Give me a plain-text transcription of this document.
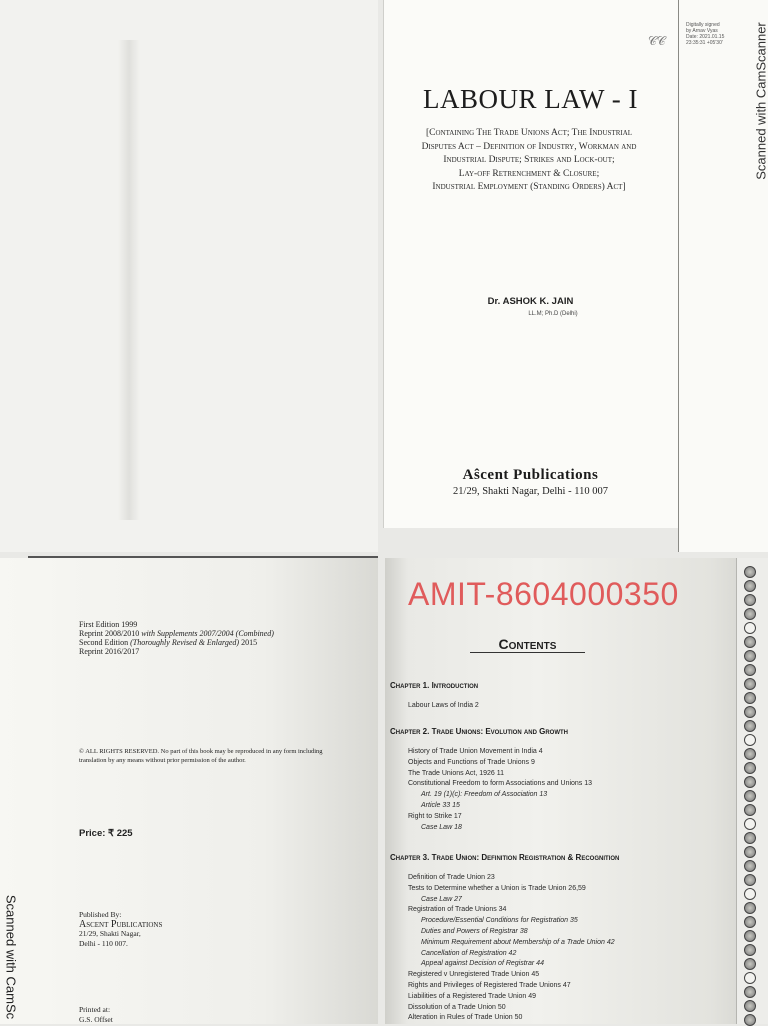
𝒞𝒞
Digitally signed
by Arnav Vyas
Date: 2021.01.15
23:35:31 +05'30'	Scanned with CamScanner
LABOUR LAW - I
[Containing The Trade Unions Act; The Industrial
Disputes Act – Definition of Industry, Workman and
Industrial Dispute; Strikes and Lock-out;
Lay-off Retrenchment & Closure;
Industrial Employment (Standing Orders) Act]
Dr. ASHOK K. JAIN
LL.M; Ph.D (Delhi)
Aŝcent Publications
21/29, Shakti Nagar, Delhi - 110 007
Scanned with CamSc
First Edition 1999
Reprint 2008/2010 with Supplements 2007/2004 (Combined)
Second Edition (Thoroughly Revised & Enlarged) 2015
Reprint 2016/2017
© ALL RIGHTS RESERVED. No part of this book may be reproduced in any form including translation by any means without prior permission of the author.
Price: ₹ 225
Published By:
Ascent Publications
21/29, Shakti Nagar,
Delhi - 110 007.
Printed at:
G.S. Offset
AMIT-8604000350
Contents
Chapter 1. Introduction
Labour Laws of India 2
Chapter 2. Trade Unions: Evolution and Growth
History of Trade Union Movement in India 4
Objects and Functions of Trade Unions 9
The Trade Unions Act, 1926 11
Constitutional Freedom to form Associations and Unions 13
Art. 19 (1)(c): Freedom of Association 13
Article 33 15
Right to Strike 17
Case Law 18
Chapter 3. Trade Union: Definition Registration & Recognition
Definition of Trade Union 23
Tests to Determine whether a Union is Trade Union 26,59
Case Law 27
Registration of Trade Unions 34
Procedure/Essential Conditions for Registration 35
Duties and Powers of Registrar 38
Minimum Requirement about Membership of a Trade Union 42
Cancellation of Registration 42
Appeal against Decision of Registrar 44
Registered v Unregistered Trade Union 45
Rights and Privileges of Registered Trade Unions 47
Liabilities of a Registered Trade Union 49
Dissolution of a Trade Union 50
Alteration in Rules of Trade Union 50
